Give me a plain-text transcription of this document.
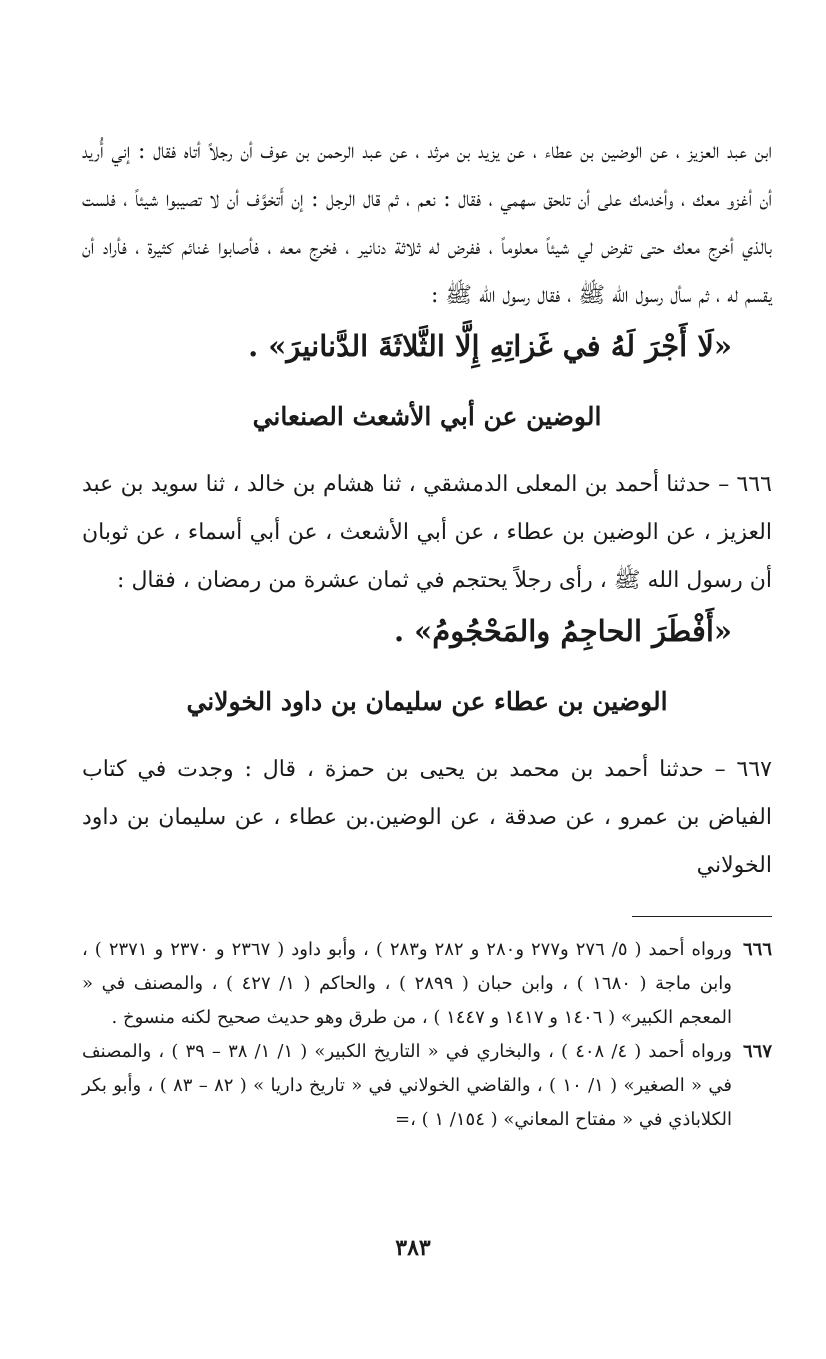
ابن عبد العزيز ، عن الوضين بن عطاء ، عن يزيد بن مرثد ، عن عبد الرحمن بن عوف أن رجلاً أتاه فقال : إني أُريد أن أغزو معك ، وأخدمك على أن تلحق سهمي ، فقال : نعم ، ثم قال الرجل : إن أَتخوَّف أن لا تصيبوا شيئاً ، فلست بالذي أخرج معك حتى تفرض لي شيئاً معلوماً ، ففرض له ثلاثة دنانير ، فخرج معه ، فأصابوا غنائم كثيرة ، فأراد أن يقسم له ، ثم سأل رسول الله ﷺ ، فقال رسول الله ﷺ :

«لَا أَجْرَ لَهُ في غَزاتِهِ إِلَّا الثَّلاثَةَ الدَّنانيرَ» .

الوضين عن أبي الأشعث الصنعاني

٦٦٦ – حدثنا أحمد بن المعلى الدمشقي ، ثنا هشام بن خالد ، ثنا سويد بن عبد العزيز ، عن الوضين بن عطاء ، عن أبي الأشعث ، عن أبي أسماء ، عن ثوبان أن رسول الله ﷺ ، رأى رجلاً يحتجم في ثمان عشرة من رمضان ، فقال :

«أَفْطَرَ الحاجِمُ والمَحْجُومُ» .

الوضين بن عطاء عن سليمان بن داود الخولاني

٦٦٧ – حدثنا أحمد بن محمد بن يحيى بن حمزة ، قال : وجدت في كتاب الفياض بن عمرو ، عن صدقة ، عن الوضين.بن عطاء ، عن سليمان بن داود الخولاني

٦٦٦
ورواه أحمد ( ٥/ ٢٧٦ و٢٧٧ و٢٨٠ و ٢٨٢ و٢٨٣ ) ، وأبو داود ( ٢٣٦٧ و ٢٣٧٠ و ٢٣٧١ ) ، وابن ماجة ( ١٦٨٠ ) ، وابن حبان ( ٢٨٩٩ ) ، والحاكم ( ١/ ٤٢٧ ) ، والمصنف في « المعجم الكبير» ( ١٤٠٦ و ١٤١٧ و ١٤٤٧ ) ، من طرق وهو حديث صحيح لكنه منسوخ .
٦٦٧
ورواه أحمد ( ٤/ ٤٠٨ ) ، والبخاري في « التاريخ الكبير» ( ١/ ١/ ٣٨ – ٣٩ ) ، والمصنف في « الصغير» ( ١/ ١٠ ) ، والقاضي الخولاني في « تاريخ داريا » ( ٨٢ – ٨٣ ) ، وأبو بكر الكلاباذي في « مفتاح المعاني» ( ١٥٤/ ١ ) ،=
٣٨٣
